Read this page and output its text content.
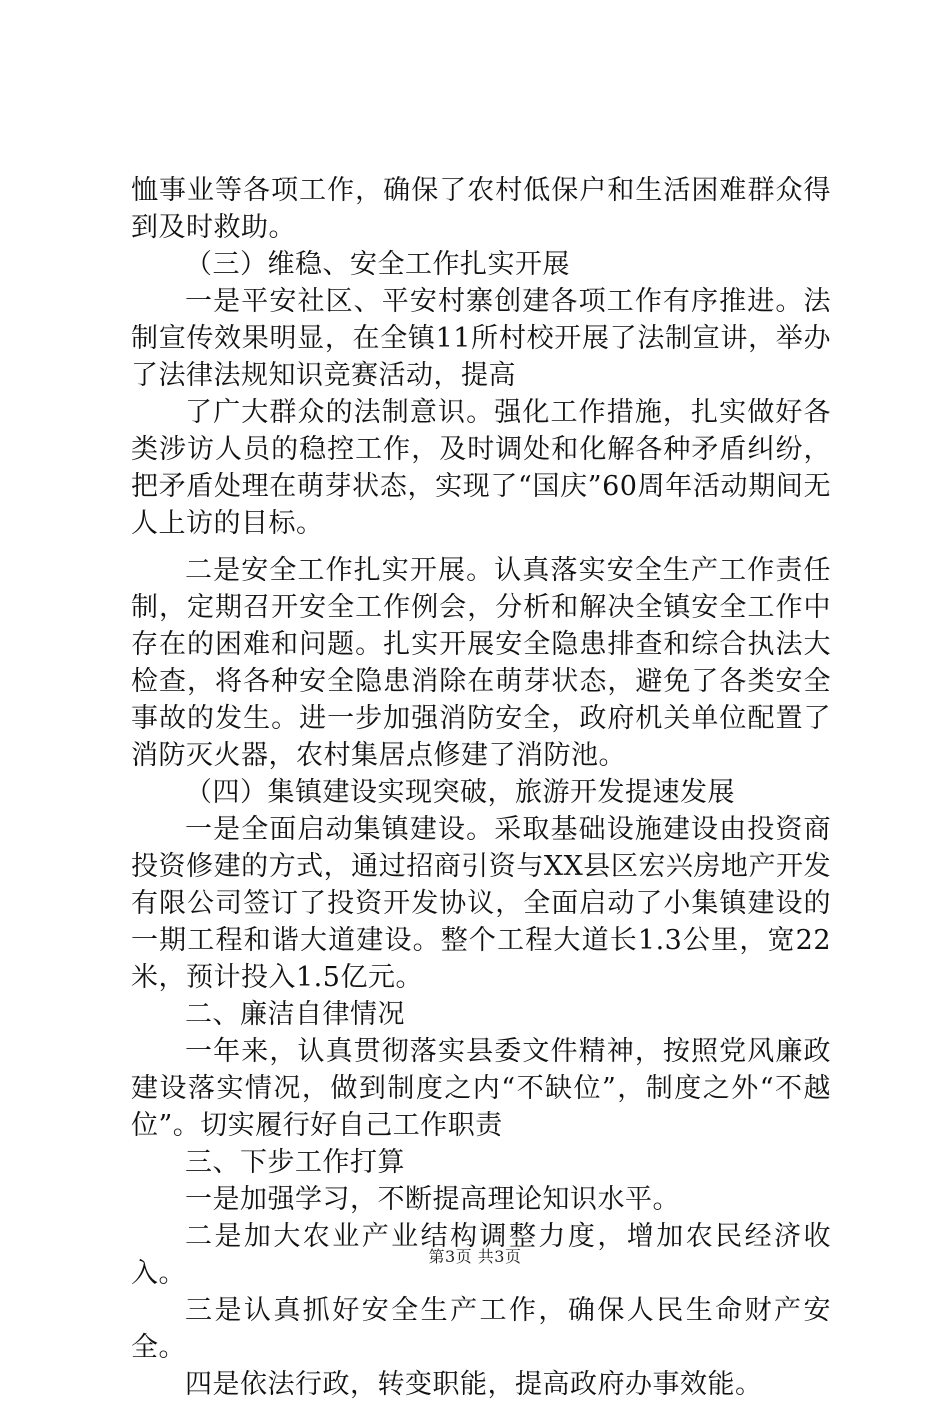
恤事业等各项工作，确保了农村低保户和生活困难群众得到及时救助。

（三）维稳、安全工作扎实开展

一是平安社区、平安村寨创建各项工作有序推进。法制宣传效果明显，在全镇11所村校开展了法制宣讲，举办了法律法规知识竞赛活动，提高

了广大群众的法制意识。强化工作措施，扎实做好各类涉访人员的稳控工作，及时调处和化解各种矛盾纠纷，把矛盾处理在萌芽状态，实现了“国庆”60周年活动期间无人上访的目标。

二是安全工作扎实开展。认真落实安全生产工作责任制，定期召开安全工作例会，分析和解决全镇安全工作中存在的困难和问题。扎实开展安全隐患排查和综合执法大检查，将各种安全隐患消除在萌芽状态，避免了各类安全事故的发生。进一步加强消防安全，政府机关单位配置了消防灭火器，农村集居点修建了消防池。

（四）集镇建设实现突破，旅游开发提速发展

一是全面启动集镇建设。采取基础设施建设由投资商投资修建的方式，通过招商引资与XX县区宏兴房地产开发有限公司签订了投资开发协议，全面启动了小集镇建设的一期工程和谐大道建设。整个工程大道长1.3公里，宽22米，预计投入1.5亿元。

二、廉洁自律情况

一年来，认真贯彻落实县委文件精神，按照党风廉政建设落实情况，做到制度之内“不缺位”，制度之外“不越位”。切实履行好自己工作职责

三、下步工作打算

一是加强学习，不断提高理论知识水平。

二是加大农业产业结构调整力度，增加农民经济收入。

三是认真抓好安全生产工作，确保人民生命财产安全。

四是依法行政，转变职能，提高政府办事效能。

第3页 共3页
